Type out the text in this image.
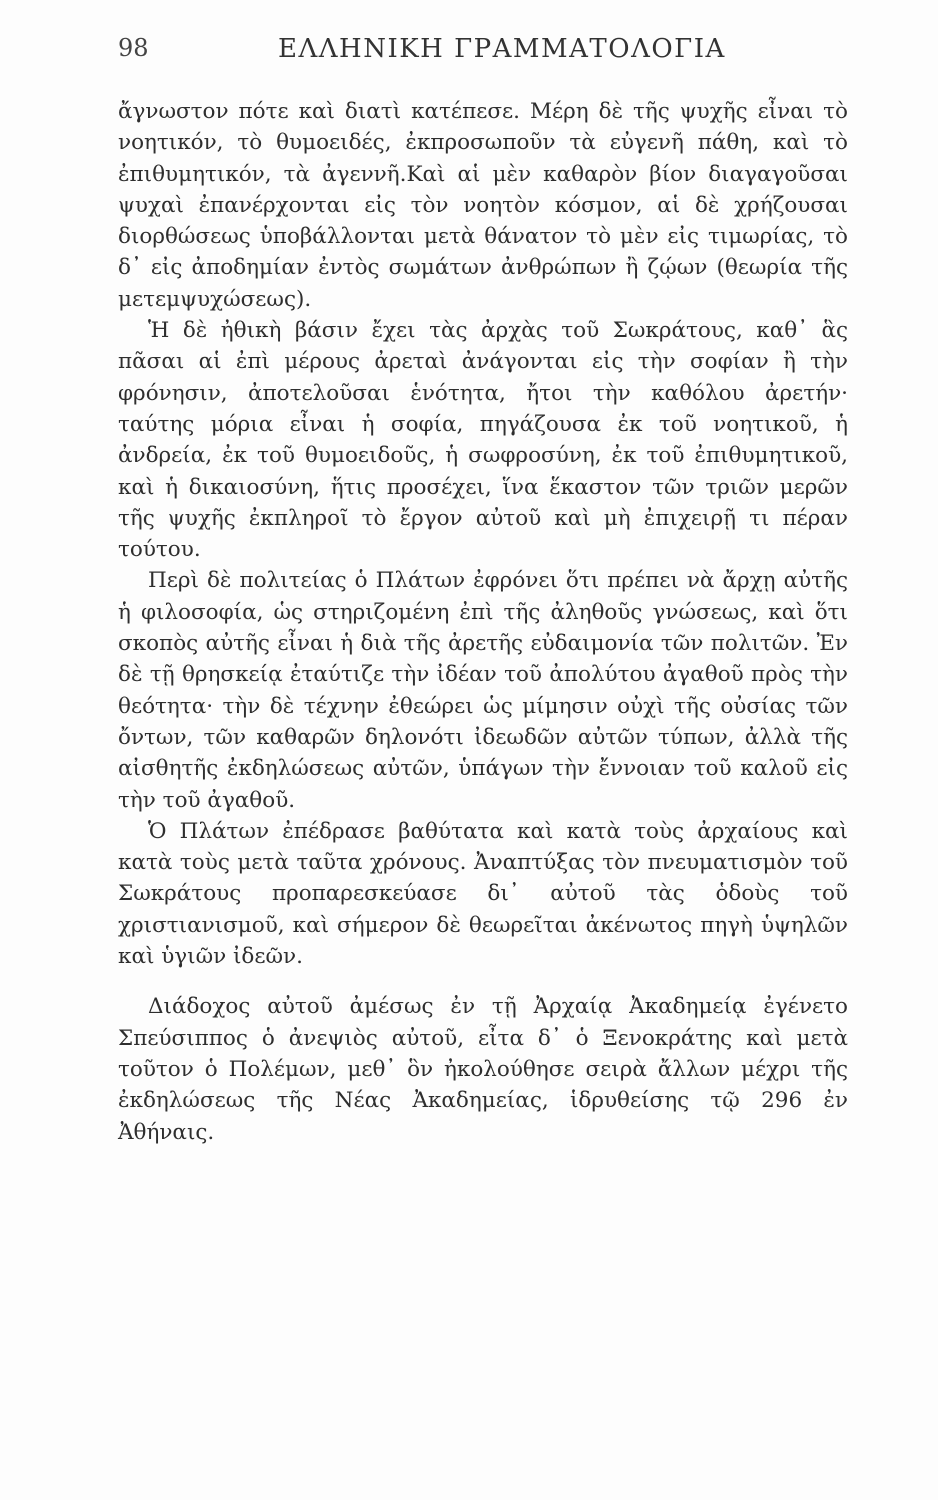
98	ΕΛΛΗΝΙΚΗ ΓΡΑΜΜΑΤΟΛΟΓΙΑ

ἄγνωστον πότε καὶ διατὶ κατέπεσε. Μέρη δὲ τῆς ψυχῆς εἶναι τὸ νοητικόν, τὸ θυμοειδές, ἐκπροσωποῦν τὰ εὐγενῆ πάθη, καὶ τὸ ἐπιθυμητικόν, τὰ ἀγεννῆ.Καὶ αἱ μὲν καθαρὸν βίον διαγαγοῦσαι ψυχαὶ ἐπανέρχονται εἰς τὸν νοητὸν κόσμον, αἱ δὲ χρήζουσαι διορθώσεως ὑποβάλλονται μετὰ θάνατον τὸ μὲν εἰς τιμωρίας, τὸ δ᾽ εἰς ἀποδημίαν ἐντὸς σωμάτων ἀνθρώπων ἢ ζῴων (θεωρία τῆς μετεμψυχώσεως).

Ἡ δὲ ἠθικὴ βάσιν ἔχει τὰς ἀρχὰς τοῦ Σωκράτους, καθ᾽ ἃς πᾶσαι αἱ ἐπὶ μέρους ἀρεταὶ ἀνάγονται εἰς τὴν σοφίαν ἢ τὴν φρόνησιν, ἀποτελοῦσαι ἑνότητα, ἤτοι τὴν καθόλου ἀρετήν· ταύτης μόρια εἶναι ἡ σοφία, πηγάζουσα ἐκ τοῦ νοητικοῦ, ἡ ἀνδρεία, ἐκ τοῦ θυμοειδοῦς, ἡ σωφροσύνη, ἐκ τοῦ ἐπιθυμητικοῦ, καὶ ἡ δικαιοσύνη, ἥτις προσέχει, ἵνα ἕκαστον τῶν τριῶν μερῶν τῆς ψυχῆς ἐκπληροῖ τὸ ἔργον αὐτοῦ καὶ μὴ ἐπιχειρῇ τι πέραν τούτου.

Περὶ δὲ πολιτείας ὁ Πλάτων ἐφρόνει ὅτι πρέπει νὰ ἄρχῃ αὐτῆς ἡ φιλοσοφία, ὡς στηριζομένη ἐπὶ τῆς ἀληθοῦς γνώσεως, καὶ ὅτι σκοπὸς αὐτῆς εἶναι ἡ διὰ τῆς ἀρετῆς εὐδαιμονία τῶν πολιτῶν. Ἐν δὲ τῇ θρησκείᾳ ἐταύτιζε τὴν ἰδέαν τοῦ ἀπολύτου ἀγαθοῦ πρὸς τὴν θεότητα· τὴν δὲ τέχνην ἐθεώρει ὡς μίμησιν οὐχὶ τῆς οὐσίας τῶν ὄντων, τῶν καθαρῶν δηλονότι ἰδεωδῶν αὐτῶν τύπων, ἀλλὰ τῆς αἰσθητῆς ἐκδηλώσεως αὐτῶν, ὑπάγων τὴν ἔννοιαν τοῦ καλοῦ εἰς τὴν τοῦ ἀγαθοῦ.

Ὁ Πλάτων ἐπέδρασε βαθύτατα καὶ κατὰ τοὺς ἀρχαίους καὶ κατὰ τοὺς μετὰ ταῦτα χρόνους. Ἀναπτύξας τὸν πνευματισμὸν τοῦ Σωκράτους προπαρεσκεύασε δι᾽ αὐτοῦ τὰς ὁδοὺς τοῦ χριστιανισμοῦ, καὶ σήμερον δὲ θεωρεῖται ἀκένωτος πηγὴ ὑψηλῶν καὶ ὑγιῶν ἰδεῶν.

Διάδοχος αὐτοῦ ἀμέσως ἐν τῇ Ἀρχαίᾳ Ἀκαδημείᾳ ἐγένετο Σπεύσιππος ὁ ἀνεψιὸς αὐτοῦ, εἶτα δ᾽ ὁ Ξενοκράτης καὶ μετὰ τοῦτον ὁ Πολέμων, μεθ᾽ ὃν ἠκολούθησε σειρὰ ἄλλων μέχρι τῆς ἐκδηλώσεως τῆς Νέας Ἀκαδημείας, ἱδρυθείσης τῷ 296 ἐν Ἀθήναις.
